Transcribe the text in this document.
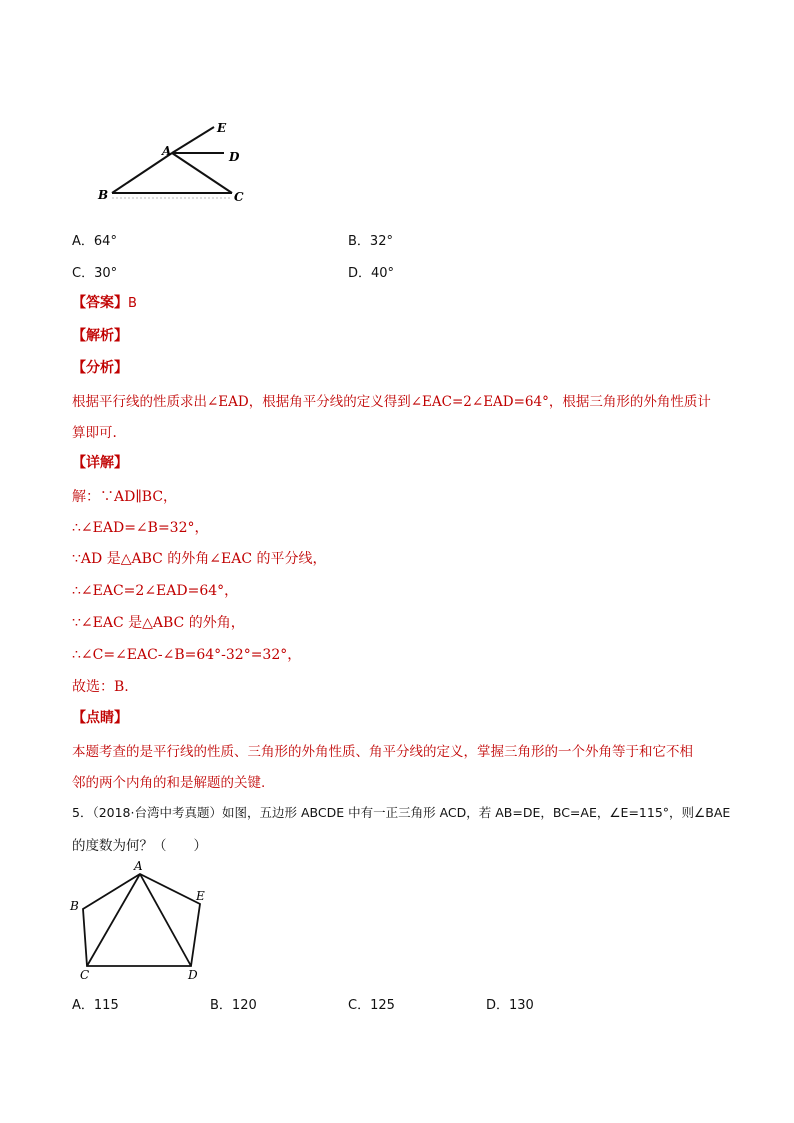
A
B	C
D
E
A．64°	B．32°
C．30°	D．40°
【答案】B
【解析】
【分析】
根据平行线的性质求出∠EAD，根据角平分线的定义得到∠EAC=2∠EAD=64°，根据三角形的外角性质计
算即可.
【详解】
解：∵AD∥BC，
∴∠EAD=∠B=32°，
∵AD 是△ABC 的外角∠EAC 的平分线，
∴∠EAC=2∠EAD=64°，
∵∠EAC 是△ABC 的外角，
∴∠C=∠EAC-∠B=64°-32°=32°，
故选：B.
【点睛】
本题考查的是平行线的性质、三角形的外角性质、角平分线的定义，掌握三角形的一个外角等于和它不相
邻的两个内角的和是解题的关键.
5．（2018·台湾中考真题）如图，五边形 ABCDE 中有一正三角形 ACD，若 AB=DE，BC=AE，∠E=115°，则∠BAE
的度数为何？（　　）
A
B
C	D
E
A．115	B．120	C．125	D．130
